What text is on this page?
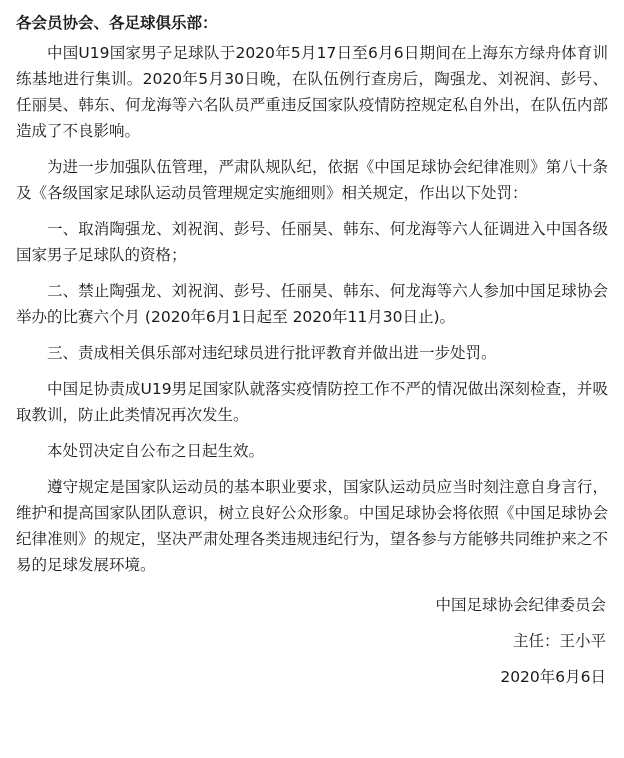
各会员协会、各足球俱乐部：

中国U19国家男子足球队于2020年5月17日至6月6日期间在上海东方绿舟体育训练基地进行集训。2020年5月30日晚，在队伍例行查房后，陶强龙、刘祝润、彭号、任丽昊、韩东、何龙海等六名队员严重违反国家队疫情防控规定私自外出，在队伍内部造成了不良影响。

为进一步加强队伍管理，严肃队规队纪，依据《中国足球协会纪律准则》第八十条及《各级国家足球队运动员管理规定实施细则》相关规定，作出以下处罚：

一、取消陶强龙、刘祝润、彭号、任丽昊、韩东、何龙海等六人征调进入中国各级国家男子足球队的资格；

二、禁止陶强龙、刘祝润、彭号、任丽昊、韩东、何龙海等六人参加中国足球协会举办的比赛六个月 (2020年6月1日起至 2020年11月30日止)。

三、责成相关俱乐部对违纪球员进行批评教育并做出进一步处罚。

中国足协责成U19男足国家队就落实疫情防控工作不严的情况做出深刻检查，并吸取教训，防止此类情况再次发生。

本处罚决定自公布之日起生效。

遵守规定是国家队运动员的基本职业要求，国家队运动员应当时刻注意自身言行，维护和提高国家队团队意识，树立良好公众形象。中国足球协会将依照《中国足球协会纪律准则》的规定，坚决严肃处理各类违规违纪行为，望各参与方能够共同维护来之不易的足球发展环境。

中国足球协会纪律委员会
主任：王小平
2020年6月6日
